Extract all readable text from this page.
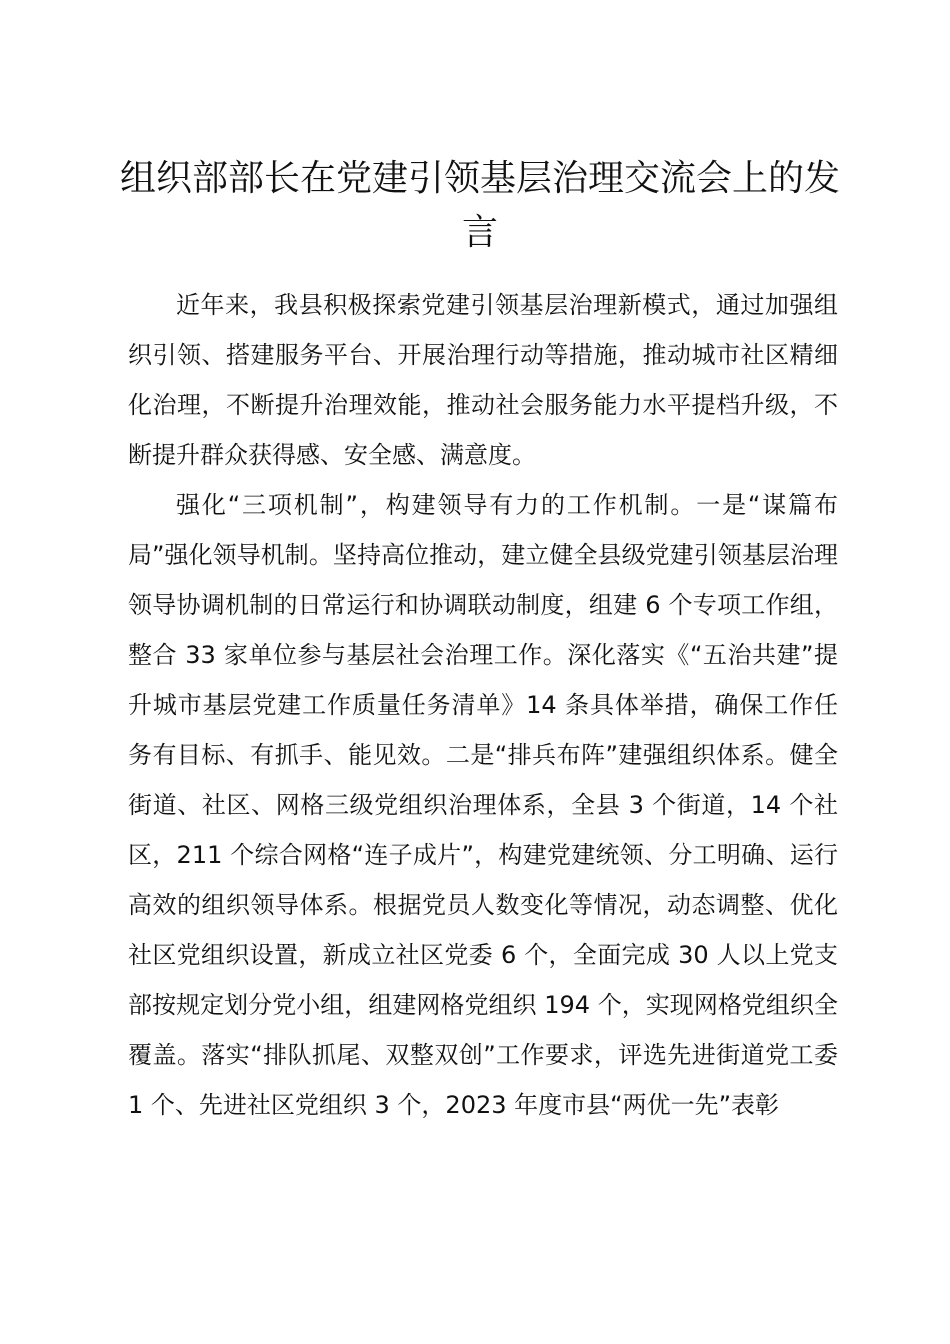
组织部部长在党建引领基层治理交流会上的发言

近年来，我县积极探索党建引领基层治理新模式，通过加强组织引领、搭建服务平台、开展治理行动等措施，推动城市社区精细化治理，不断提升治理效能，推动社会服务能力水平提档升级，不断提升群众获得感、安全感、满意度。

强化“三项机制”，构建领导有力的工作机制。一是“谋篇布局”强化领导机制。坚持高位推动，建立健全县级党建引领基层治理领导协调机制的日常运行和协调联动制度，组建 6 个专项工作组，整合 33 家单位参与基层社会治理工作。深化落实《“五治共建”提升城市基层党建工作质量任务清单》14 条具体举措，确保工作任务有目标、有抓手、能见效。二是“排兵布阵”建强组织体系。健全街道、社区、网格三级党组织治理体系，全县 3 个街道，14 个社区，211 个综合网格“连子成片”，构建党建统领、分工明确、运行高效的组织领导体系。根据党员人数变化等情况，动态调整、优化社区党组织设置，新成立社区党委 6 个，全面完成 30 人以上党支部按规定划分党小组，组建网格党组织 194 个，实现网格党组织全覆盖。落实“排队抓尾、双整双创”工作要求，评选先进街道党工委 1 个、先进社区党组织 3 个，2023 年度市县“两优一先”表彰
